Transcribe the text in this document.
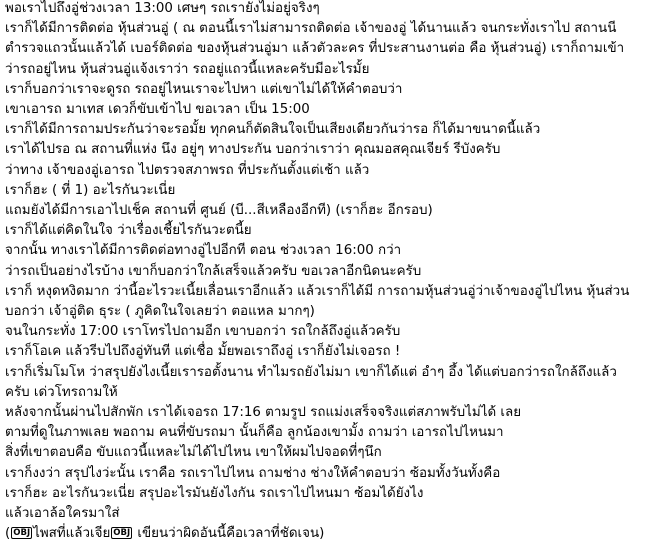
พอเราไปถึงอู่ช่วงเวลา 13:00 เศษๆ รถเรายังไม่อยู่จริงๆ
เราก็ได้มีการติดต่อ หุ้นส่วนอู่ ( ณ ตอนนี้เราไม่สามารถติดต่อ เจ้าของอู่ ได้นานแล้ว จนกระทั่งเราไป สถานนี
ตำรวจแถวนั้นแล้วได้ เบอร์ติดต่อ ของหุ้นส่วนอู่มา แล้วตัวละคร ที่ประสานงานต่อ คือ หุ้นส่วนอู่) เราก็ถามเข้า
ว่ารถอยู่ไหน หุ้นส่วนอู่แจ้งเราว่า รถอยู่แถวนี้แหละครับมีอะไรมั้ย
เราก็บอกว่าเราจะดูรถ รถอยู่ไหนเราจะไปหา แต่เขาไม่ได้ให้คำตอบว่า
เขาเอารถ มาเทส เดวก็ขับเข้าไป ขอเวลา เป็น 15:00
เราก็ได้มีการถามประกันว่าจะรอมั้ย ทุกคนก็ตัดสินใจเป็นเสียงเดียวกันว่ารอ ก็ได้มาขนาดนี้แล้ว
เราได้ไปรอ ณ สถานที่แห่ง นึง อยู่ๆ ทางประกัน บอกว่าเราว่า คุณมอสคุณเจียร์ รีบังครับ
ว่าทาง เจ้าของอู่เอารถ ไปตรวจสภาพรถ ที่ประกันตั้งแต่เช้า แล้ว
เราก็ฮะ ( ที่ 1) อะไรกันวะเนี่ย
แถมยังได้มีการเอาไปเช็ค สถานที่ ศูนย์ (บี...สีเหลืองอีกที) (เราก็ฮะ อีกรอบ)
เราก็ได้แต่คิดในใจ ว่าเรื่องเชี้ยไรกันวะตนี้ย
จากนั้น ทางเราได้มีการติดต่อทางอู่ไปอีกที ตอน ช่วงเวลา 16:00 กว่า
ว่ารถเป็นอย่างไรบ้าง เขาก็บอกว่าใกล้เสร็จแล้วครับ ขอเวลาอีกนิดนะครับ
เราก็ หงุดหงิดมาก ว่านี้อะไรวะเนี้ยเลื่อนเราอีกแล้ว แล้วเราก็ได้มี การถามหุ้นส่วนอู่ว่าเจ้าของอู่ไปไหน หุ้นส่วน
บอกว่า เจ้าอู่ติด ธุระ ( ภูคิดในใจเลยว่า ตอแหล มากๆ)
จนในกระทั่ง 17:00 เราโทรไปถามอีก เขาบอกว่า รถใกล้ถึงอู่แล้วครับ
เราก็โอเค แล้วรีบไปถึงอู่ทันที แต่เชื่อ มั้ยพอเราถึงอู่ เราก็ยังไม่เจอรถ !
เราก็เริ่มโมโห ว่าสรุปยังไงเนี้ยเรารอตั้งนาน ทำไมรถยังไม่มา เขาก็ได้แต่ อำๆ อึ้ง ได้แต่บอกว่ารถใกล้ถึงแล้ว
ครับ เด่วโทรถามให้
หลังจากนั้นผ่านไปสักพัก เราได้เจอรถ 17:16 ตามรูป รถแม่งเสร็จจริงแต่สภาพรับไม่ได้ เลย
ตามที่ดูในภาพเลย พอถาม คนที่ขับรถมา นั้นก็คือ ลูกน้องเขามั้ง ถามว่า เอารถไปไหนมา
สิ่งที่เขาตอบคือ ขับแถวนี้แหละไม่ได้ไปไหน เขาให้ผมไปจอดที่ๆนึก
เราก็งงว่า สรุปไงว่ะนั้น เราคือ รถเราไปไหน ถามช่าง ช่างให้คำตอบว่า ซ้อมทั้งวันทั้งคือ
เราก็ฮะ อะไรกันวะเนี่ย สรุปอะไรมันยังไงกัน รถเราไปไหนมา ซ้อมได้ยังไง
แล้วเอาล้อใครมาใส่
( OBJ ไพสที่แล้วเจีย OBJ เขียนว่าผิดอันนี้คือเวลาที่ชัดเจน)
